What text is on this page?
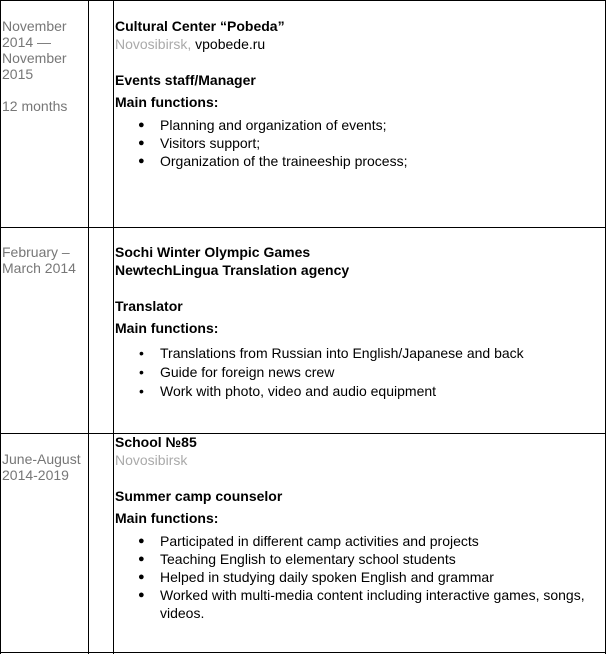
November 2014 — November 2015
12 months
Cultural Center “Pobeda”
Novosibirsk, vpobede.ru
Events staff/Manager
Main functions:
● Planning and organization of events;
● Visitors support;
● Organization of the traineeship process;
February – March 2014
Sochi Winter Olympic Games
NewtechLingua Translation agency
Translator
Main functions:
• Translations from Russian into English/Japanese and back
• Guide for foreign news crew
• Work with photo, video and audio equipment
June-August 2014-2019
School №85
Novosibirsk
Summer camp counselor
Main functions:
● Participated in different camp activities and projects
● Teaching English to elementary school students
● Helped in studying daily spoken English and grammar
● Worked with multi-media content including interactive games, songs, videos.
